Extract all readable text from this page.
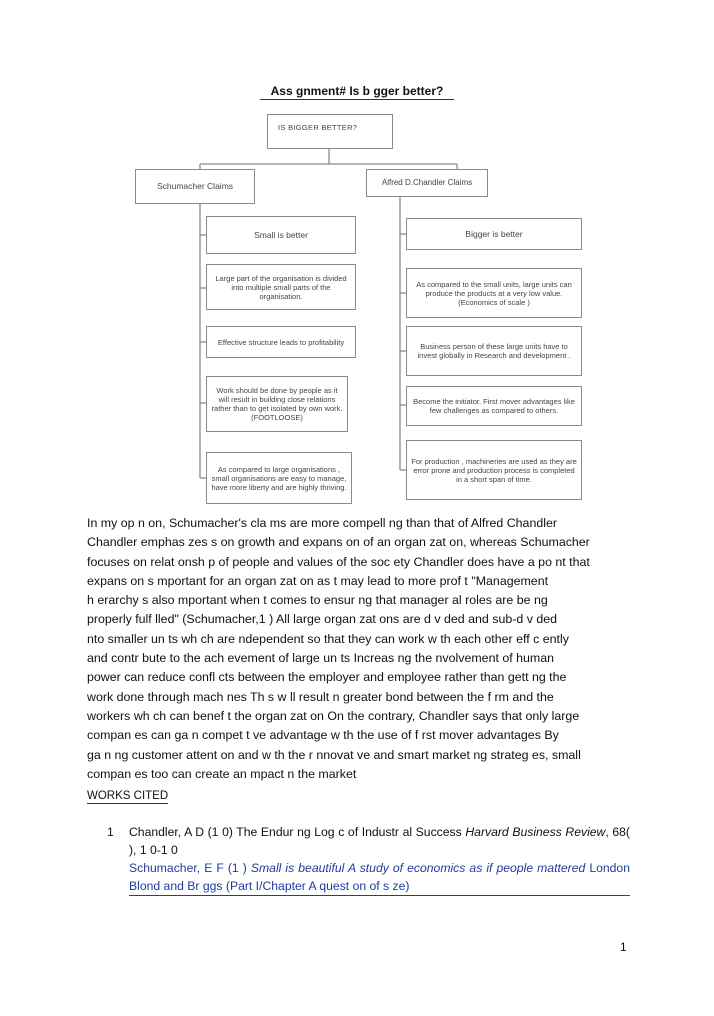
Ass gnment# Is b gger better?
IS BIGGER BETTER?
Schumacher Claims	Alfred D.Chandler Claims
Small is better
Large part of the organisation is divided into multiple small parts of the organisation.
Effective structure leads to profitability
Work should be done by people as it will result in building close relations rather than to get isolated by own work. (FOOTLOOSE)
As compared to large organisations , small organisations are easy to manage, have more liberty and are highly thriving.
Bigger is better
As compared to the small units, large units can produce the products at a very low value. (Economics of scale )
Business person of these large units have to invest globally in Research and development .
Become the initiator. First mover advantages like few challenges as compared to others.
For production , machineries are used as they are error prone and production process is completed in a short span of time.
In my op n on, Schumacher's cla ms are more compell ng than that of Alfred Chandler
Chandler emphas zes s on growth and expans on of an organ zat on, whereas Schumacher
focuses on relat onsh p of people and values of the soc ety Chandler does have a po nt that
expans on s mportant for an organ zat on as t may lead to more prof t "Management
h erarchy s also mportant when t comes to ensur ng that manager al roles are be ng
properly fulf lled" (Schumacher,1 ) All large organ zat ons are d v ded and sub-d v ded
nto smaller un ts wh ch are ndependent so that they can work w th each other eff c ently
and contr bute to the ach evement of large un ts Increas ng the nvolvement of human
power can reduce confl cts between the employer and employee rather than gett ng the
work done through mach nes Th s w ll result n greater bond between the f rm and the
workers wh ch can benef t the organ zat on On the contrary, Chandler says that only large
compan es can ga n compet t ve advantage w th the use of f rst mover advantages By
ga n ng customer attent on and w th the r nnovat ve and smart market ng strateg es, small
compan es too can create an mpact n the market
WORKS CITED
1	Chandler, A D (1 0) The Endur ng Log c of Industr al Success Harvard Business Review, 68( ), 1 0-1 0
Schumacher, E F (1 ) Small is beautiful A study of economics as if people mattered London Blond and Br ggs (Part I/Chapter A quest on of s ze)
1
